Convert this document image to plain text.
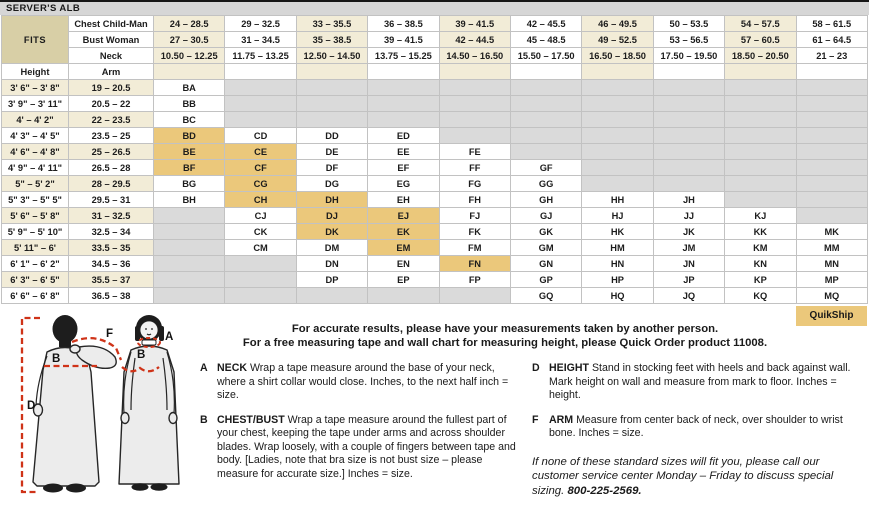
SERVER'S ALB
FITS	Chest Child-Man	24 – 28.5	29 – 32.5	33 – 35.5	36 – 38.5	39 – 41.5	42 – 45.5	46 – 49.5	50 – 53.5	54 – 57.5	58 – 61.5
	Bust Woman	27 – 30.5	31 – 34.5	35 – 38.5	39 – 41.5	42 – 44.5	45 – 48.5	49 – 52.5	53 – 56.5	57 – 60.5	61 – 64.5
	Neck	10.50 – 12.25	11.75 – 13.25	12.50 – 14.50	13.75 – 15.25	14.50 – 16.50	15.50 – 17.50	16.50 – 18.50	17.50 – 19.50	18.50 – 20.50	21 – 23
Height	Arm										
3' 6" – 3' 8"	19 – 20.5	BA									
3' 9" – 3' 11"	20.5 – 22	BB									
4' – 4' 2"	22 – 23.5	BC									
4' 3" – 4' 5"	23.5 – 25	BD	CD	DD	ED						
4' 6" – 4' 8"	25 – 26.5	BE	CE	DE	EE	FE					
4' 9" – 4' 11"	26.5 – 28	BF	CF	DF	EF	FF	GF				
5" – 5' 2"	28 – 29.5	BG	CG	DG	EG	FG	GG				
5" 3" – 5" 5"	29.5 – 31	BH	CH	DH	EH	FH	GH	HH	JH		
5' 6" – 5' 8"	31 – 32.5		CJ	DJ	EJ	FJ	GJ	HJ	JJ	KJ	
5' 9" – 5' 10"	32.5 – 34		CK	DK	EK	FK	GK	HK	JK	KK	MK
5' 11" – 6'	33.5 – 35		CM	DM	EM	FM	GM	HM	JM	KM	MM
6' 1" – 6' 2"	34.5 – 36			DN	EN	FN	GN	HN	JN	KN	MN
6' 3" – 6' 5"	35.5 – 37			DP	EP	FP	GP	HP	JP	KP	MP
6' 6" – 6' 8"	36.5 – 38						GQ	HQ	JQ	KQ	MQ
QuikShip
For accurate results, please have your measurements taken by another person.
For a free measuring tape and wall chart for measuring height, please Quick Order product 11008.
D
B
F	A
B
A NECK Wrap a tape measure around the base of your neck, where a shirt collar would close. Inches, to the next half inch = size.
B CHEST/BUST Wrap a tape measure around the fullest part of your chest, keeping the tape under arms and across shoulder blades. Wrap loosely, with a couple of fingers between tape and body. [Ladies, note that bra size is not bust size – please measure for accurate size.] Inches = size.
D HEIGHT Stand in stocking feet with heels and back against wall. Mark height on wall and measure from mark to floor. Inches = height.
F ARM Measure from center back of neck, over shoulder to wrist bone. Inches = size.

If none of these standard sizes will fit you, please call our customer service center Monday – Friday to discuss special sizing. 800-225-2569.
